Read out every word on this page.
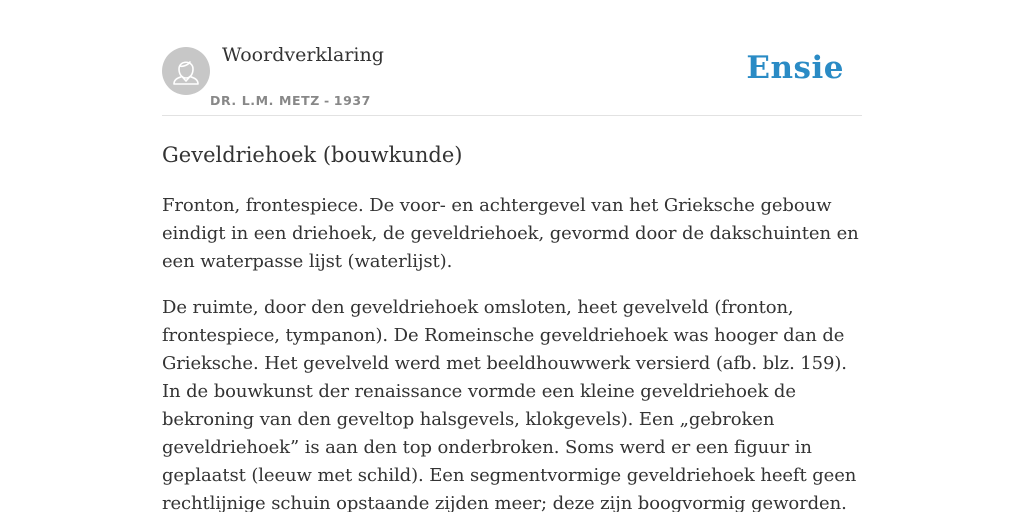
Woordverklaring
DR. L.M. METZ - 1937
Ensie
Geveldriehoek (bouwkunde)

Fronton, frontespiece. De voor- en achtergevel van het Grieksche gebouw eindigt in een driehoek, de geveldriehoek, gevormd door de dakschuinten en een waterpasse lijst (waterlijst).

De ruimte, door den geveldriehoek omsloten, heet gevelveld (fronton, frontespiece, tympanon). De Romeinsche geveldriehoek was hooger dan de Grieksche. Het gevelveld werd met beeldhouwwerk versierd (afb. blz. 159). In de bouwkunst der renaissance vormde een kleine geveldriehoek de bekroning van den geveltop halsgevels, klokgevels). Een „gebroken geveldriehoek” is aan den top onderbroken. Soms werd er een figuur in geplaatst (leeuw met schild). Een segmentvormige geveldriehoek heeft geen rechtlijnige schuin opstaande zijden meer; deze zijn boogvormig geworden.
